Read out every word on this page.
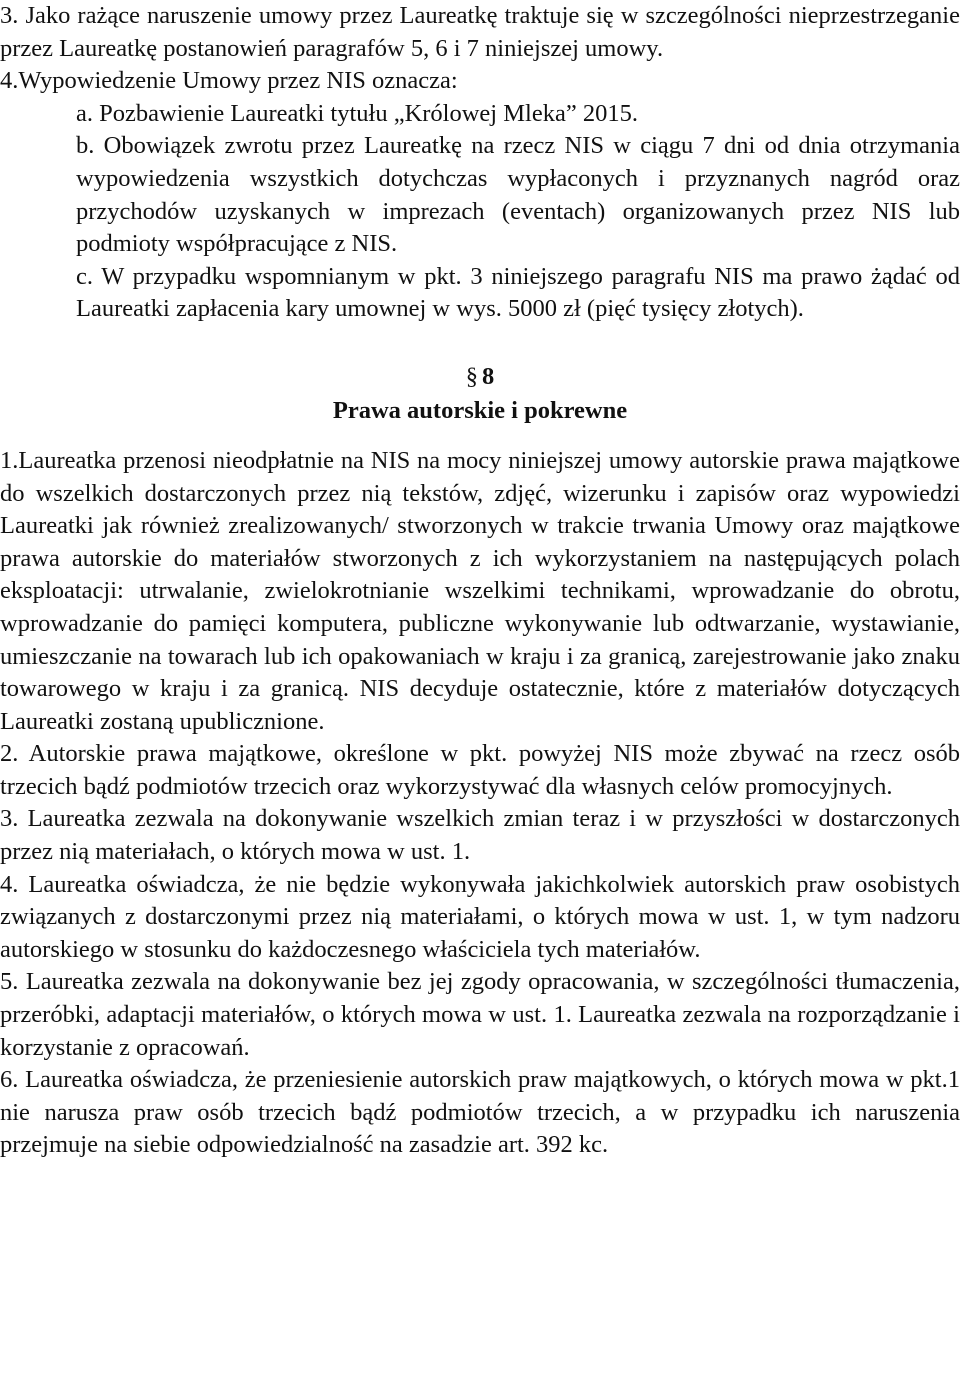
3. Jako rażące naruszenie umowy przez Laureatkę traktuje się w szczególności nieprzestrzeganie przez Laureatkę postanowień paragrafów 5, 6 i 7 niniejszej umowy.

4.Wypowiedzenie Umowy przez NIS oznacza:

a. Pozbawienie Laureatki tytułu „Królowej Mleka” 2015.

b. Obowiązek zwrotu przez Laureatkę na rzecz NIS w ciągu 7 dni od dnia otrzymania wypowiedzenia wszystkich dotychczas wypłaconych i przyznanych nagród oraz przychodów uzyskanych w imprezach (eventach) organizowanych przez NIS lub podmioty współpracujące z NIS.

c. W przypadku wspomnianym w pkt. 3 niniejszego paragrafu NIS ma prawo żądać od Laureatki zapłacenia kary umownej w wys. 5000 zł (pięć tysięcy złotych).

§ 8

Prawa autorskie i pokrewne

1.Laureatka przenosi nieodpłatnie na NIS na mocy niniejszej umowy autorskie prawa majątkowe do wszelkich dostarczonych przez nią tekstów, zdjęć, wizerunku i zapisów oraz wypowiedzi Laureatki jak również zrealizowanych/ stworzonych w trakcie trwania Umowy oraz majątkowe prawa autorskie do materiałów stworzonych z ich wykorzystaniem na następujących polach eksploatacji: utrwalanie, zwielokrotnianie wszelkimi technikami, wprowadzanie do obrotu, wprowadzanie do pamięci komputera, publiczne wykonywanie lub odtwarzanie, wystawianie, umieszczanie na towarach lub ich opakowaniach w kraju i za granicą, zarejestrowanie jako znaku towarowego w kraju i za granicą. NIS decyduje ostatecznie, które z materiałów dotyczących Laureatki zostaną upublicznione.

2. Autorskie prawa majątkowe, określone w pkt. powyżej NIS może zbywać na rzecz osób trzecich bądź podmiotów trzecich oraz wykorzystywać dla własnych celów promocyjnych.

3. Laureatka zezwala na dokonywanie wszelkich zmian teraz i w przyszłości w dostarczonych przez nią materiałach, o których mowa w ust. 1.

4. Laureatka oświadcza, że nie będzie wykonywała jakichkolwiek autorskich praw osobistych związanych z dostarczonymi przez nią materiałami, o których mowa w ust. 1, w tym nadzoru autorskiego w stosunku do każdoczesnego właściciela tych materiałów.

5. Laureatka zezwala na dokonywanie bez jej zgody opracowania, w szczególności tłumaczenia, przeróbki, adaptacji materiałów, o których mowa w ust. 1. Laureatka zezwala na rozporządzanie i korzystanie z opracowań.

6. Laureatka oświadcza, że przeniesienie autorskich praw majątkowych, o których mowa w pkt.1 nie narusza praw osób trzecich bądź podmiotów trzecich, a w przypadku ich naruszenia przejmuje na siebie odpowiedzialność na zasadzie art. 392 kc.
